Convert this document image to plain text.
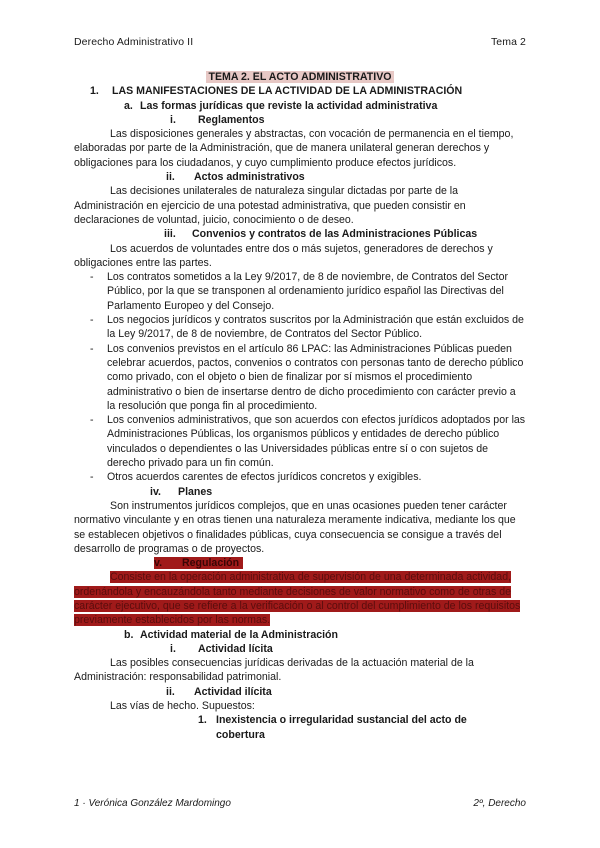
Derecho Administrativo II	Tema 2
TEMA 2. EL ACTO ADMINISTRATIVO
1. LAS MANIFESTACIONES DE LA ACTIVIDAD DE LA ADMINISTRACIÓN
a. Las formas jurídicas que reviste la actividad administrativa
i. Reglamentos
Las disposiciones generales y abstractas, con vocación de permanencia en el tiempo, elaboradas por parte de la Administración, que de manera unilateral generan derechos y obligaciones para los ciudadanos, y cuyo cumplimiento produce efectos jurídicos.
ii. Actos administrativos
Las decisiones unilaterales de naturaleza singular dictadas por parte de la Administración en ejercicio de una potestad administrativa, que pueden consistir en declaraciones de voluntad, juicio, conocimiento o de deseo.
iii. Convenios y contratos de las Administraciones Públicas
Los acuerdos de voluntades entre dos o más sujetos, generadores de derechos y obligaciones entre las partes.
- Los contratos sometidos a la Ley 9/2017, de 8 de noviembre, de Contratos del Sector Público, por la que se transponen al ordenamiento jurídico español las Directivas del Parlamento Europeo y del Consejo.
- Los negocios jurídicos y contratos suscritos por la Administración que están excluidos de la Ley 9/2017, de 8 de noviembre, de Contratos del Sector Público.
- Los convenios previstos en el artículo 86 LPAC: las Administraciones Públicas pueden celebrar acuerdos, pactos, convenios o contratos con personas tanto de derecho público como privado, con el objeto o bien de finalizar por sí mismos el procedimiento administrativo o bien de insertarse dentro de dicho procedimiento con carácter previo a la resolución que ponga fin al procedimiento.
- Los convenios administrativos, que son acuerdos con efectos jurídicos adoptados por las Administraciones Públicas, los organismos públicos y entidades de derecho público vinculados o dependientes o las Universidades públicas entre sí o con sujetos de derecho privado para un fin común.
- Otros acuerdos carentes de efectos jurídicos concretos y exigibles.
iv. Planes
Son instrumentos jurídicos complejos, que en unas ocasiones pueden tener carácter normativo vinculante y en otras tienen una naturaleza meramente indicativa, mediante los que se establecen objetivos o finalidades públicas, cuya consecuencia se consigue a través del desarrollo de programas o de proyectos.
v. Regulación
Consiste en la operación administrativa de supervisión de una determinada actividad, ordenándola y encauzándola tanto mediante decisiones de valor normativo como de otras de carácter ejecutivo, que se refiere a la verificación o al control del cumplimiento de los requisitos previamente establecidos por las normas.
b. Actividad material de la Administración
i. Actividad lícita
Las posibles consecuencias jurídicas derivadas de la actuación material de la Administración: responsabilidad patrimonial.
ii. Actividad ilícita
Las vías de hecho. Supuestos:
1. Inexistencia o irregularidad sustancial del acto de cobertura
1 · Verónica González Mardomingo	2º, Derecho
